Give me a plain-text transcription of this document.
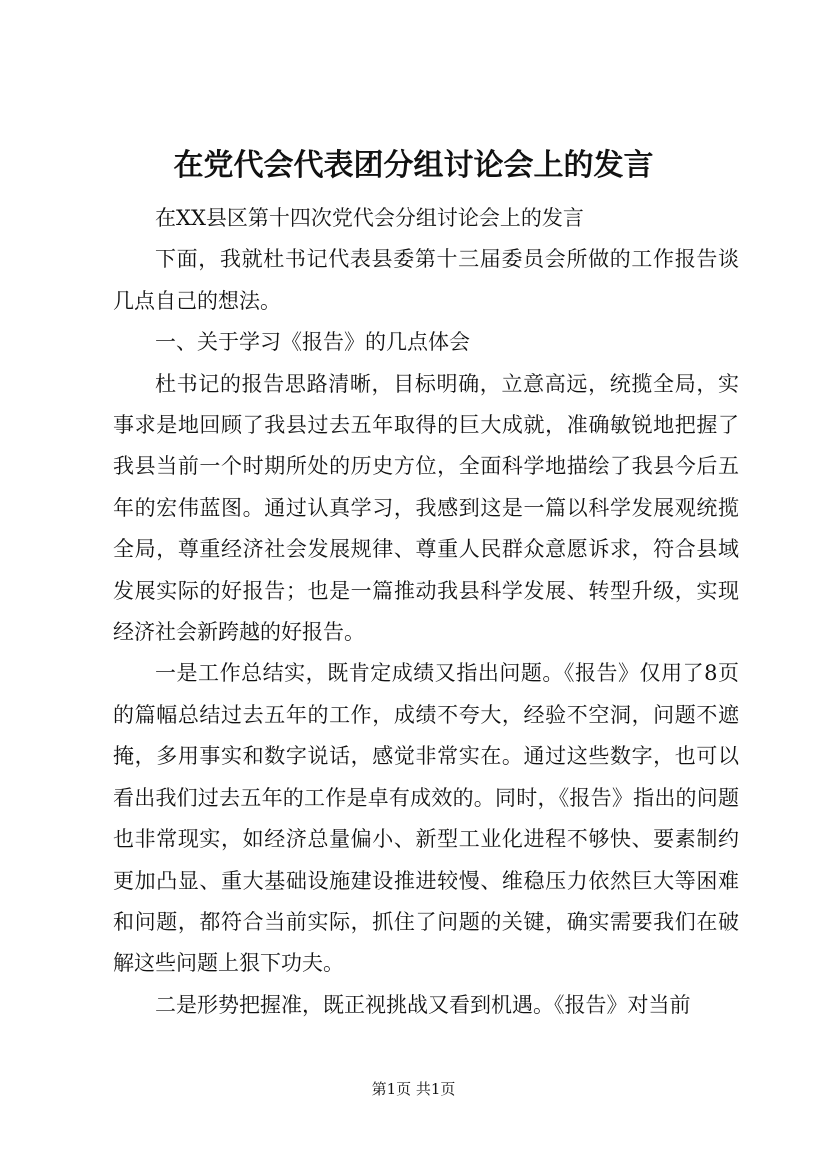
在党代会代表团分组讨论会上的发言

在XX县区第十四次党代会分组讨论会上的发言

下面，我就杜书记代表县委第十三届委员会所做的工作报告谈几点自己的想法。

一、关于学习《报告》的几点体会

杜书记的报告思路清晰，目标明确，立意高远，统揽全局，实事求是地回顾了我县过去五年取得的巨大成就，准确敏锐地把握了我县当前一个时期所处的历史方位，全面科学地描绘了我县今后五年的宏伟蓝图。通过认真学习，我感到这是一篇以科学发展观统揽全局，尊重经济社会发展规律、尊重人民群众意愿诉求，符合县域发展实际的好报告；也是一篇推动我县科学发展、转型升级，实现经济社会新跨越的好报告。

一是工作总结实，既肯定成绩又指出问题。《报告》仅用了8页的篇幅总结过去五年的工作，成绩不夸大，经验不空洞，问题不遮掩，多用事实和数字说话，感觉非常实在。通过这些数字，也可以看出我们过去五年的工作是卓有成效的。同时，《报告》指出的问题也非常现实，如经济总量偏小、新型工业化进程不够快、要素制约更加凸显、重大基础设施建设推进较慢、维稳压力依然巨大等困难和问题，都符合当前实际，抓住了问题的关键，确实需要我们在破解这些问题上狠下功夫。

二是形势把握准，既正视挑战又看到机遇。《报告》对当前

第1页 共1页
